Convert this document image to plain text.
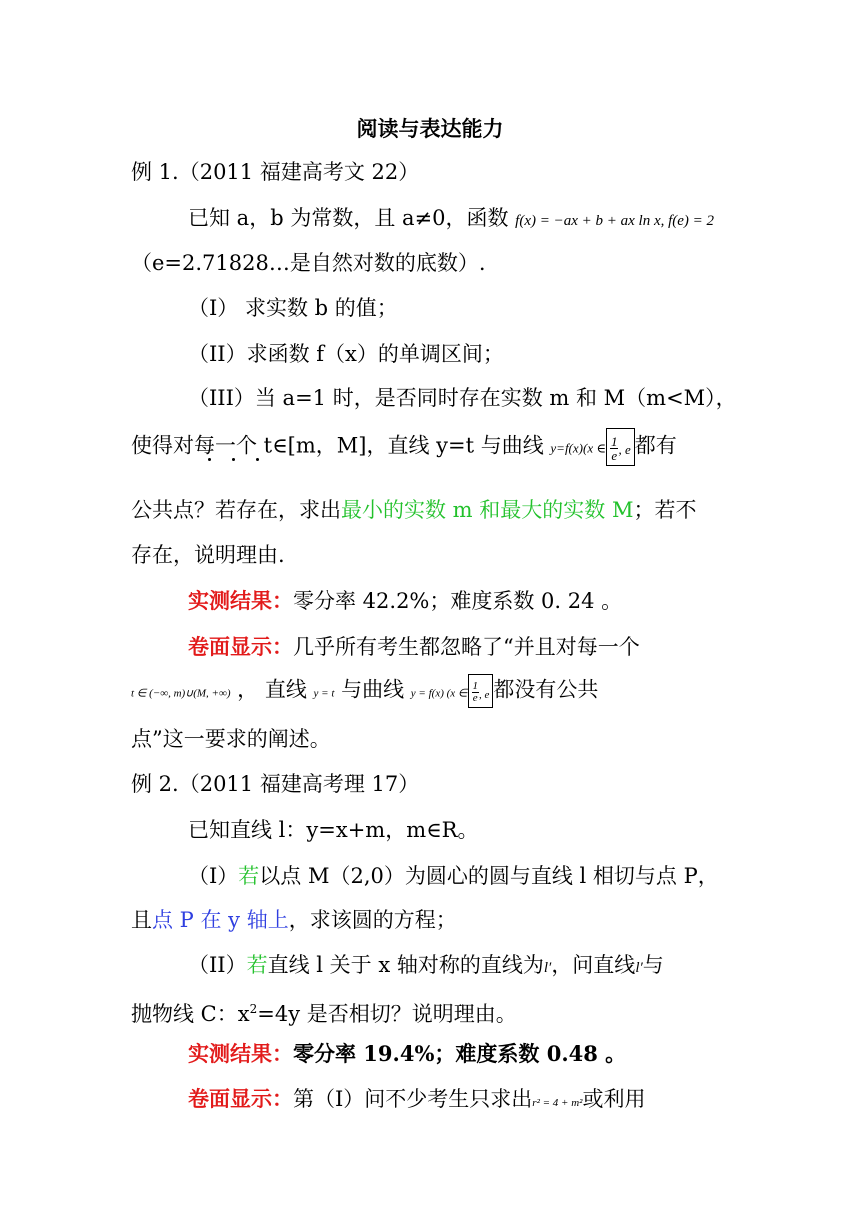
阅读与表达能力
例 1.（2011 福建高考文 22）
已知 a，b 为常数，且 a≠0，函数 f(x) = −ax + b + ax ln x, f(e) = 2
（e=2.71828…是自然对数的底数）.
（I） 求实数 b 的值；
（II）求函数 f（x）的单调区间；
（III）当 a=1 时，是否同时存在实数 m 和 M（m<M），
使得对每一个 t∈[m，M]，直线 y=t 与曲线 y=f(x)(x ∈ $\frac{1}{e}$ , e 都有
公共点？若存在，求出最小的实数 m 和最大的实数 M；若不
存在，说明理由.
实测结果：零分率 42.2%；难度系数 0. 24 。
卷面显示：几乎所有考生都忽略了“并且对每一个
t ∈ (−∞, m)∪(M, +∞) ， 直线 y = t 与曲线 y = f(x) (x ∈ $\frac{1}{e}$ , e 都没有公共
点”这一要求的阐述。
例 2.（2011 福建高考理 17）
已知直线 l：y=x+m，m∈R。
（I）若以点 M（2,0）为圆心的圆与直线 l 相切与点 P，
且点 P 在 y 轴上，求该圆的方程；
（II）若直线 l 关于 x 轴对称的直线为l′，问直线l′与
抛物线 C：$x^2=4y$ 是否相切？说明理由。
实测结果：零分率 19.4%；难度系数 0.48 。
卷面显示：第（Ⅰ）问不少考生只求出r² = 4 + m²或利用
